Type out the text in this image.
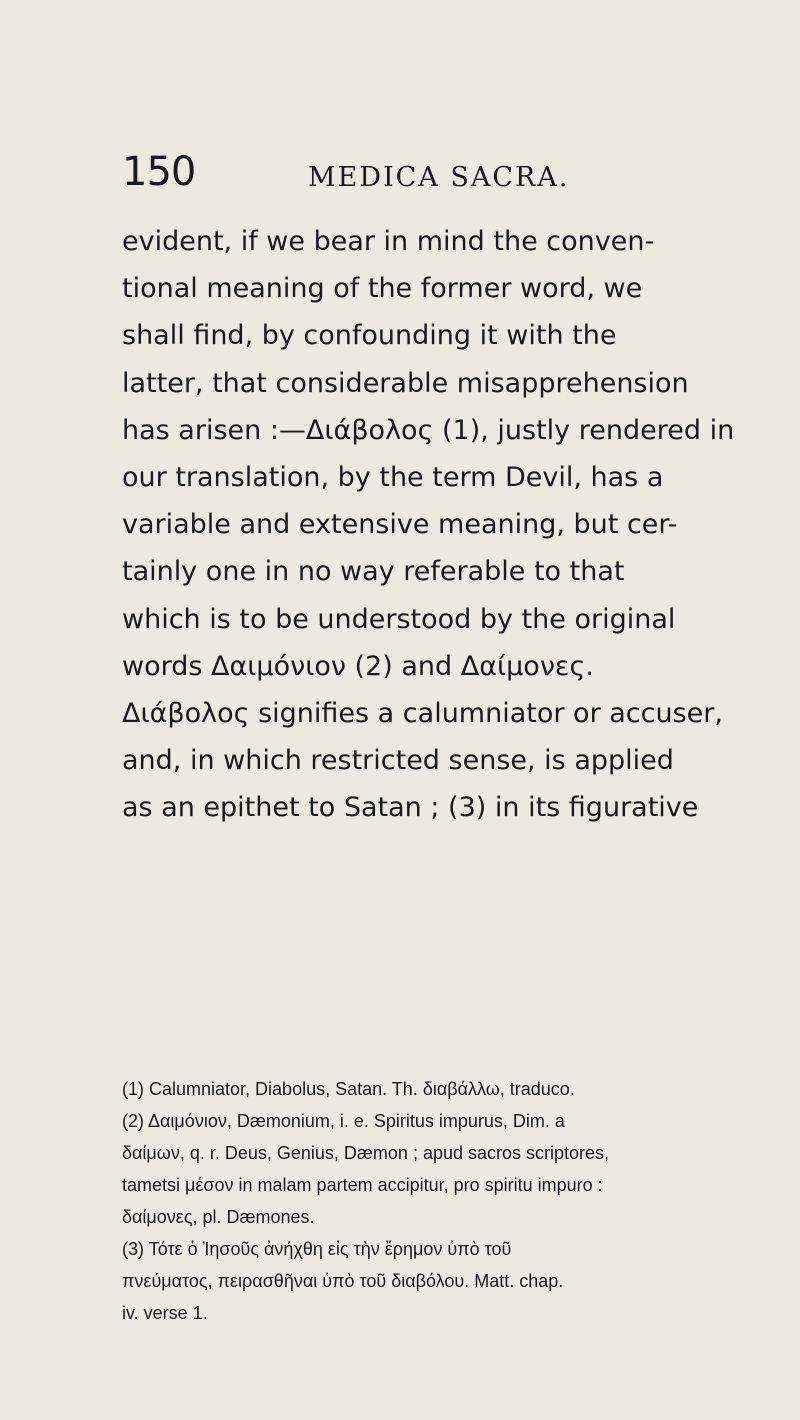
150	MEDICA SACRA.
evident, if we bear in mind the conven-
tional meaning of the former word, we
shall find, by confounding it with the
latter, that considerable misapprehension
has arisen :—Διάβολος (1), justly rendered in
our translation, by the term Devil, has a
variable and extensive meaning, but cer-
tainly one in no way referable to that
which is to be understood by the original
words Δαιμόνιον (2) and Δαίμονες.
Διάβολος signifies a calumniator or accuser,
and, in which restricted sense, is applied
as an epithet to Satan ; (3) in its figurative
(1) Calumniator, Diabolus, Satan. Th. διαβάλλω, traduco.
(2) Δαιμόνιον, Dæmonium, i. e. Spiritus impurus, Dim. a
δαίμων, q. r. Deus, Genius, Dæmon ; apud sacros scriptores,
tametsi μέσον in malam partem accipitur, pro spiritu impuro :
δαίμονες, pl. Dæmones.
(3) Τότε ὁ Ἰησοῦς ἀνήχθη εἰς τὴν ἔρημον ὑπὸ τοῦ
πνεύματος, πειρασθῆναι ὑπὸ τοῦ διαβόλου. Matt. chap.
iv. verse 1.
